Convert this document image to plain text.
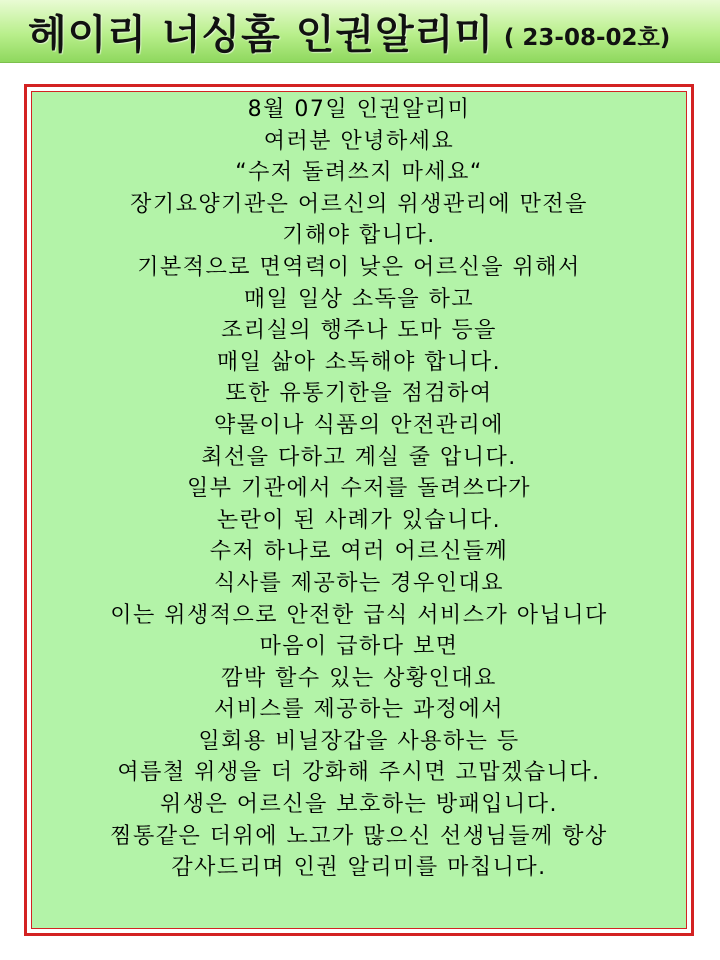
헤이리 너싱홈 인권알리미 ( 23-08-02호)
8월 07일 인권알리미
여러분 안녕하세요
“수저 돌려쓰지 마세요“
장기요양기관은 어르신의 위생관리에 만전을
기해야 합니다.
기본적으로 면역력이 낮은 어르신을 위해서
매일 일상 소독을 하고
조리실의 행주나 도마 등을
매일 삶아 소독해야 합니다.
또한 유통기한을 점검하여
약물이나 식품의 안전관리에
최선을 다하고 계실 줄 압니다.
일부 기관에서 수저를 돌려쓰다가
논란이 된 사례가 있습니다.
수저 하나로 여러 어르신들께
식사를 제공하는 경우인대요
이는 위생적으로 안전한 급식 서비스가 아닙니다
마음이 급하다 보면
깜박 할수 있는 상황인대요
서비스를 제공하는 과정에서
일회용 비닐장갑을 사용하는 등
여름철 위생을 더 강화해 주시면 고맙겠습니다.
위생은 어르신을 보호하는 방패입니다.
찜통같은 더위에 노고가 많으신 선생님들께 항상
감사드리며 인권 알리미를 마칩니다.
